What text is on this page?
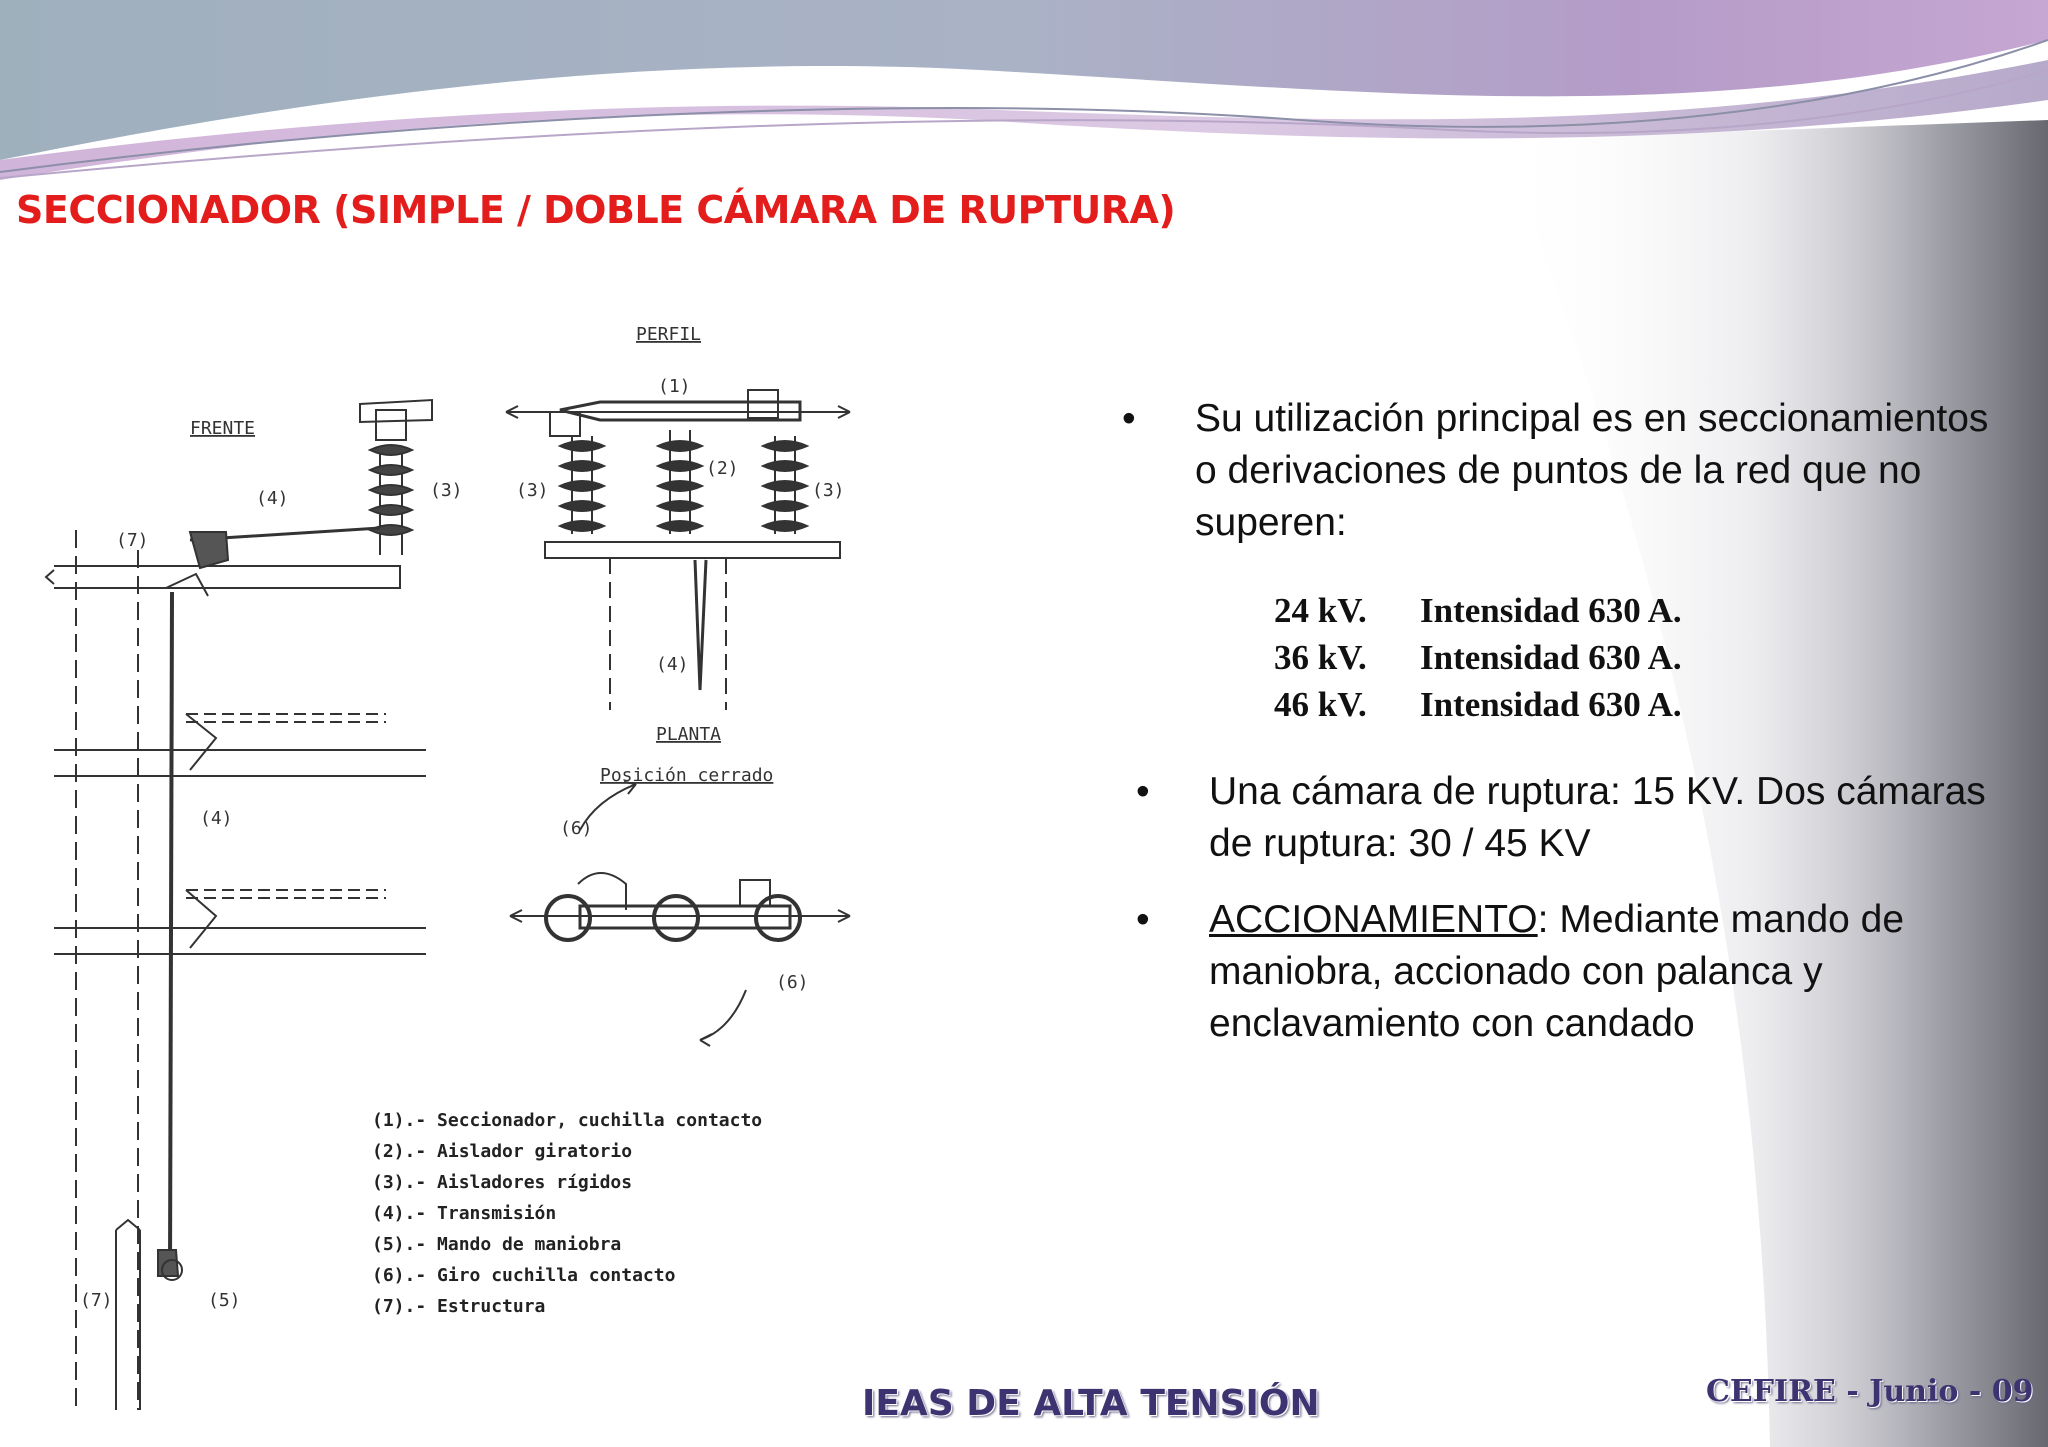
SECCIONADOR (SIMPLE / DOBLE CÁMARA DE RUPTURA)
PERFIL
FRENTE
PLANTA
Posición cerrado
(1)
(2)
(3)	(3)
(3)
(4)
(4)
(4)	(6)
(6)
(7)
(7)	(5)
(1).- Seccionador, cuchilla contacto
(2).- Aislador giratorio
(3).- Aisladores rígidos
(4).- Transmisión
(5).- Mando de maniobra
(6).- Giro cuchilla contacto
(7).- Estructura
•	Su utilización principal es en seccionamientos o derivaciones de puntos de la red que no superen:
24 kV. Intensidad 630 A.
36 kV. Intensidad 630 A.
46 kV. Intensidad 630 A.
•	Una cámara de ruptura: 15 KV. Dos cámaras de ruptura: 30 / 45 KV
•	ACCIONAMIENTO: Mediante mando de maniobra, accionado con palanca y enclavamiento con candado
IEAS DE ALTA TENSIÓN	CEFIRE - Junio - 09
